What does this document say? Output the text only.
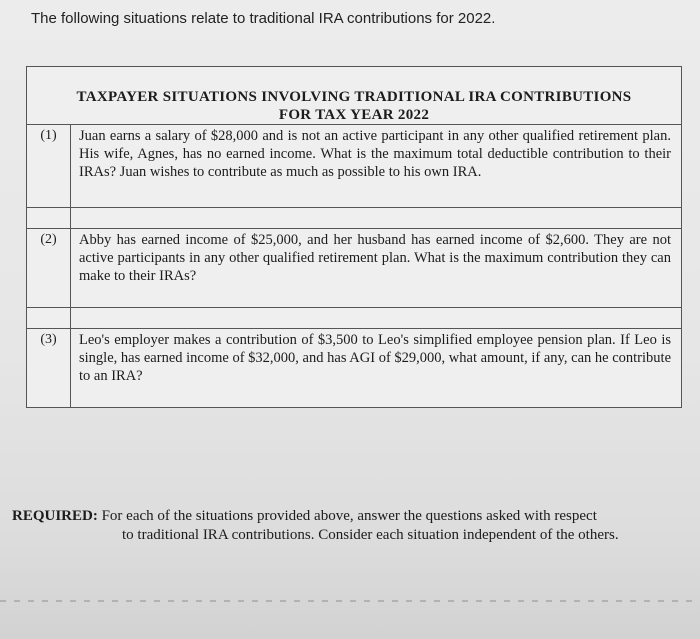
The following situations relate to traditional IRA contributions for 2022.
TAXPAYER SITUATIONS INVOLVING TRADITIONAL IRA CONTRIBUTIONS
FOR TAX YEAR 2022
(1)	Juan earns a salary of $28,000 and is not an active participant in any other qualified retirement plan. His wife, Agnes, has no earned income. What is the maximum total deductible contribution to their IRAs? Juan wishes to contribute as much as possible to his own IRA.
(2)	Abby has earned income of $25,000, and her husband has earned income of $2,600. They are not active participants in any other qualified retirement plan. What is the maximum contribution they can make to their IRAs?
(3)	Leo's employer makes a contribution of $3,500 to Leo's simplified employee pension plan. If Leo is single, has earned income of $32,000, and has AGI of $29,000, what amount, if any, can he contribute to an IRA?
REQUIRED: For each of the situations provided above, answer the questions asked with respect
to traditional IRA contributions. Consider each situation independent of the others.
